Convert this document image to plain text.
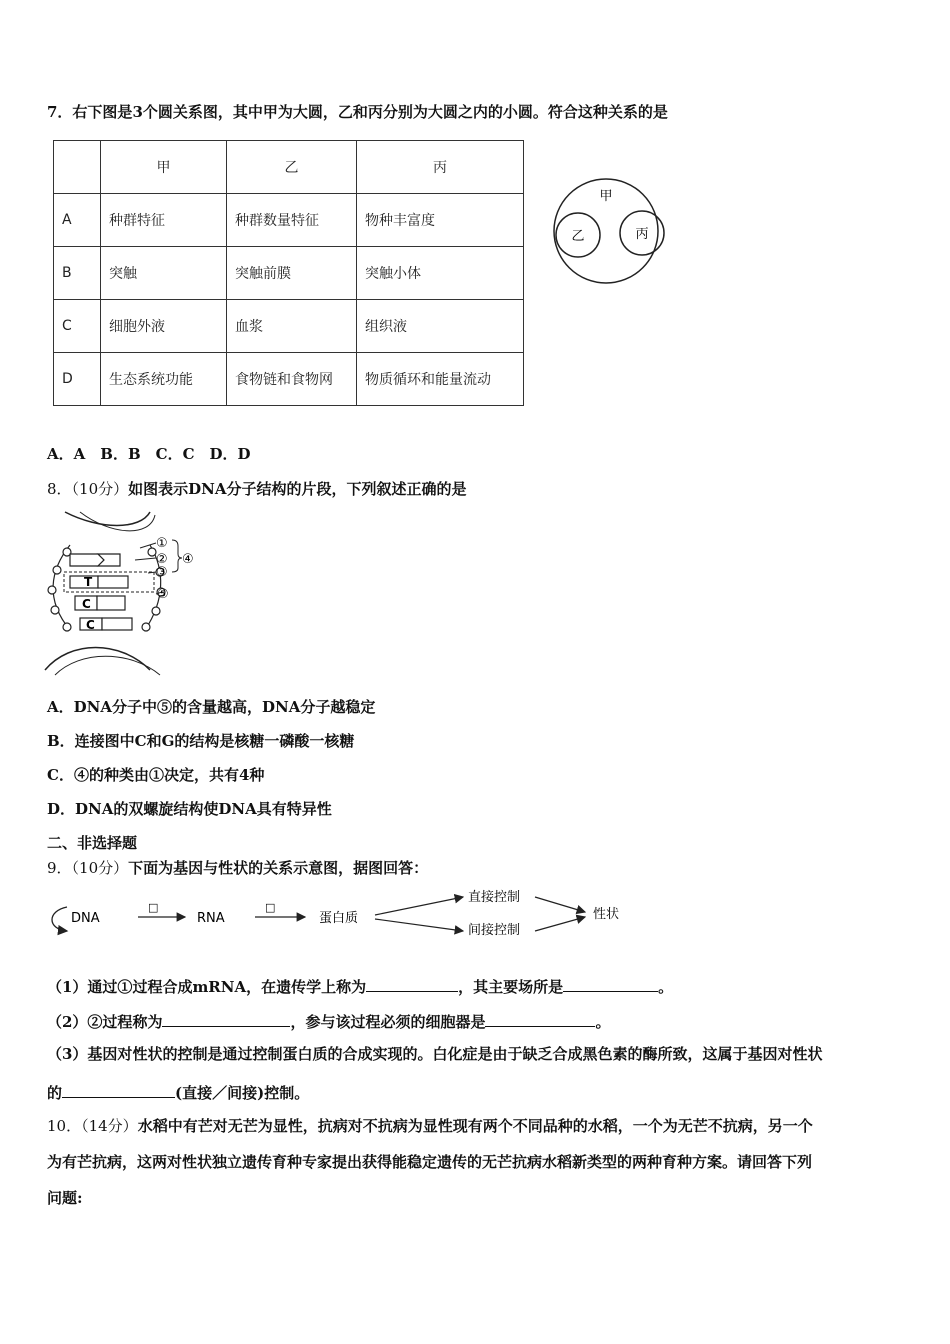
7．右下图是3个圆关系图，其中甲为大圆，乙和丙分别为大圆之内的小圆。符合这种关系的是
	甲	乙	丙
A	种群特征	种群数量特征	物种丰富度
B	突触	突触前膜	突触小体
C	细胞外液	血浆	组织液
D	生态系统功能	食物链和食物网	物质循环和能量流动
甲
乙	丙
A．A　B．B　C．C　D．D
8．（10分）如图表示DNA分子结构的片段，下列叙述正确的是
T
C
C
①
②
③
④
⑤
A．DNA分子中⑤的含量越高，DNA分子越稳定
B．连接图中C和G的结构是核糖一磷酸一核糖
C．④的种类由①决定，共有4种
D．DNA的双螺旋结构使DNA具有特异性
二、非选择题
9．（10分）下面为基因与性状的关系示意图，据图回答：
DNA
□
RNA
□
蛋白质
直接控制
间接控制
性状
（1）通过①过程合成mRNA，在遗传学上称为	，其主要场所是	。
（2）②过程称为	，参与该过程必须的细胞器是	。
（3）基因对性状的控制是通过控制蛋白质的合成实现的。白化症是由于缺乏合成黑色素的酶所致，这属于基因对性状
的	(直接／间接)控制。
10．（14分）水稻中有芒对无芒为显性，抗病对不抗病为显性现有两个不同品种的水稻，一个为无芒不抗病，另一个
为有芒抗病，这两对性状独立遗传育种专家提出获得能稳定遗传的无芒抗病水稻新类型的两种育种方案。请回答下列
问题:
